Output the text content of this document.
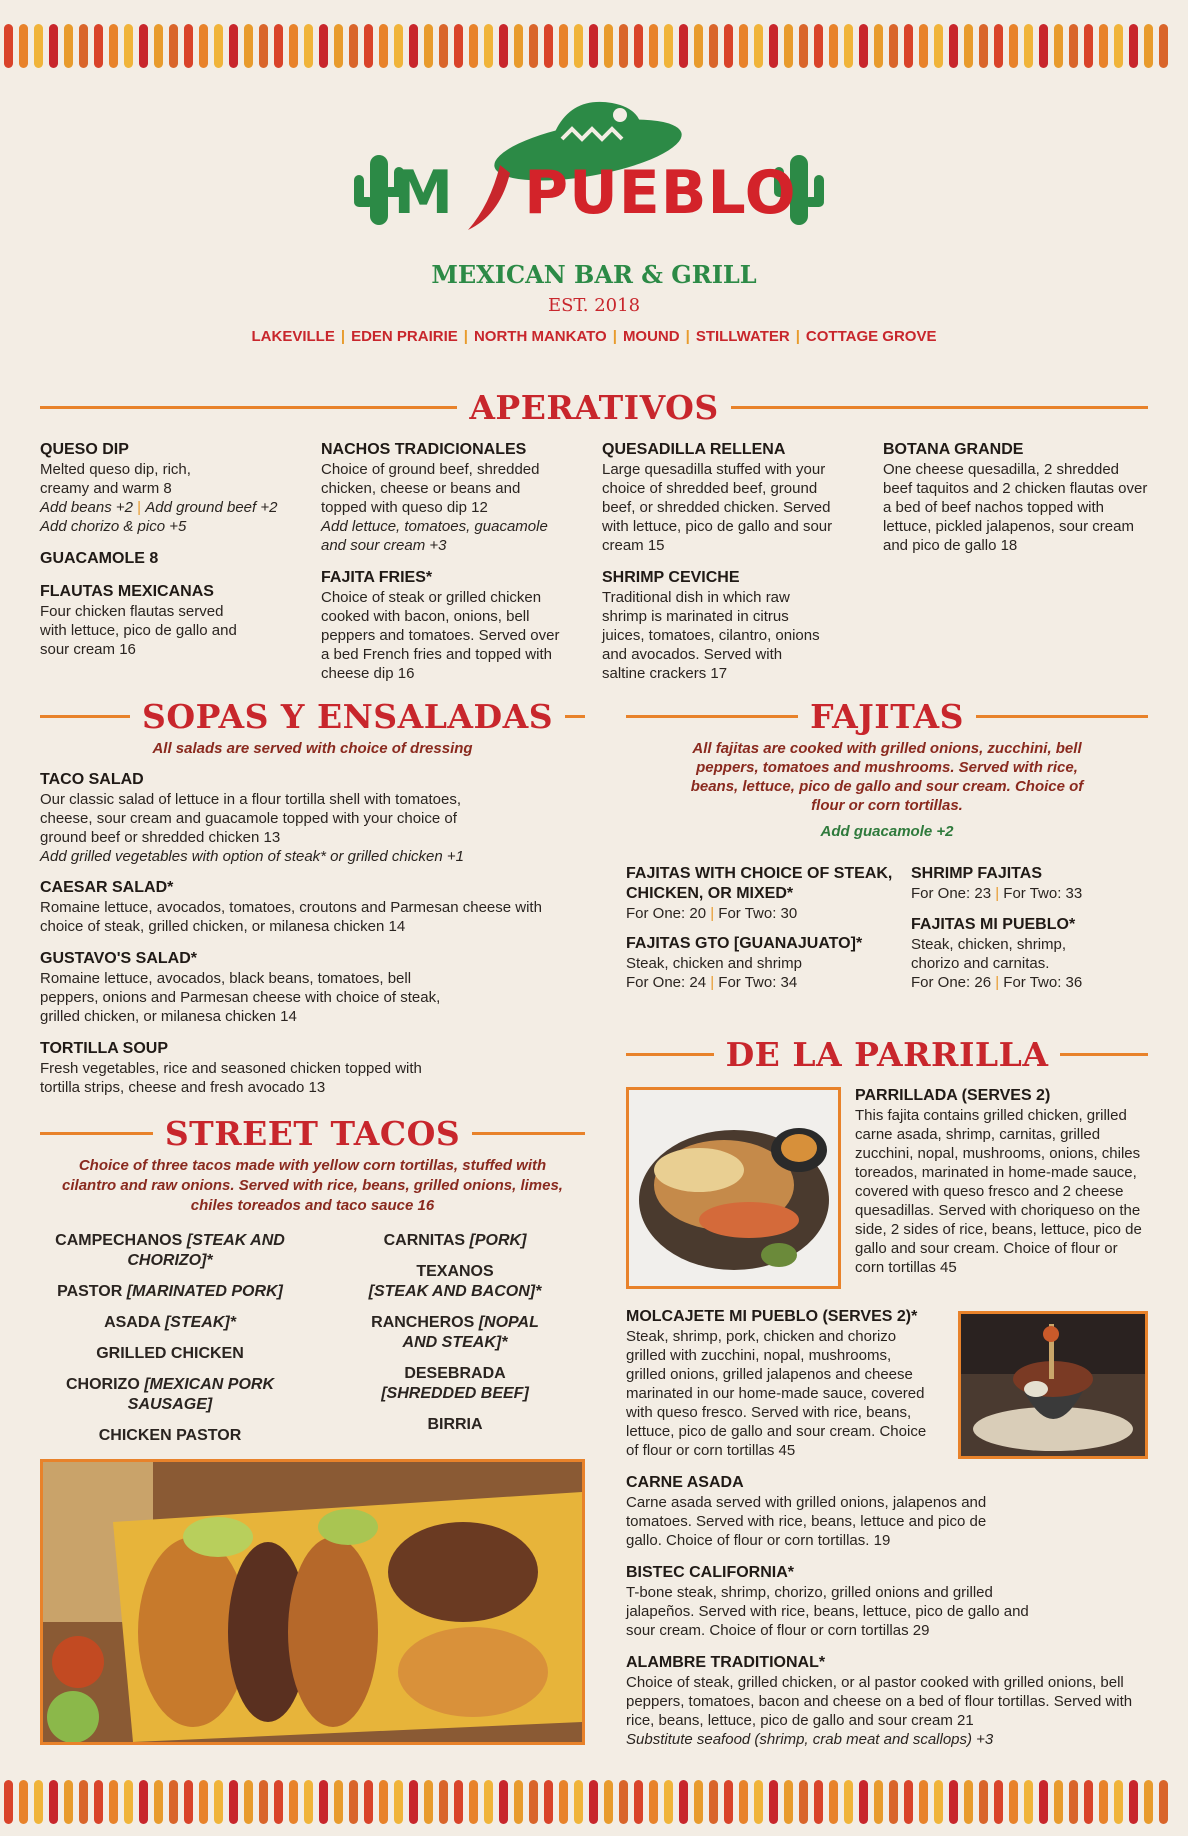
M PUEBLO
MEXICAN BAR & GRILL
EST. 2018
LAKEVILLE | EDEN PRAIRIE | NORTH MANKATO | MOUND | STILLWATER | COTTAGE GROVE
APERATIVOS
QUESO DIP

Melted queso dip, rich, creamy and warm 8

Add beans +2 | Add ground beef +2

Add chorizo & pico +5

GUACAMOLE 8
FLAUTAS MEXICANAS

Four chicken flautas served with lettuce, pico de gallo and sour cream 16

NACHOS TRADICIONALES

Choice of ground beef, shredded chicken, cheese or beans and topped with queso dip 12

Add lettuce, tomatoes, guacamole and sour cream +3

FAJITA FRIES*

Choice of steak or grilled chicken cooked with bacon, onions, bell peppers and tomatoes. Served over a bed French fries and topped with cheese dip 16

QUESADILLA RELLENA

Large quesadilla stuffed with your choice of shredded beef, ground beef, or shredded chicken. Served with lettuce, pico de gallo and sour cream 15

SHRIMP CEVICHE

Traditional dish in which raw shrimp is marinated in citrus juices, tomatoes, cilantro, onions and avocados. Served with saltine crackers 17

BOTANA GRANDE

One cheese quesadilla, 2 shredded beef taquitos and 2 chicken flautas over a bed of beef nachos topped with lettuce, pickled jalapenos, sour cream and pico de gallo 18

SOPAS Y ENSALADAS
All salads are served with choice of dressing
TACO SALAD

Our classic salad of lettuce in a flour tortilla shell with tomatoes, cheese, sour cream and guacamole topped with your choice of ground beef or shredded chicken 13

Add grilled vegetables with option of steak* or grilled chicken +1

CAESAR SALAD*

Romaine lettuce, avocados, tomatoes, croutons and Parmesan cheese with choice of steak, grilled chicken, or milanesa chicken 14

GUSTAVO'S SALAD*

Romaine lettuce, avocados, black beans, tomatoes, bell peppers, onions and Parmesan cheese with choice of steak, grilled chicken, or milanesa chicken 14

TORTILLA SOUP

Fresh vegetables, rice and seasoned chicken topped with tortilla strips, cheese and fresh avocado 13

STREET TACOS
Choice of three tacos made with yellow corn tortillas, stuffed with cilantro and raw onions. Served with rice, beans, grilled onions, limes, chiles toreados and taco sauce 16
CAMPECHANOS [STEAK AND CHORIZO]*
PASTOR [MARINATED PORK]
ASADA [STEAK]*
GRILLED CHICKEN
CHORIZO [MEXICAN PORK SAUSAGE]
CHICKEN PASTOR
CARNITAS [PORK]
TEXANOS
[STEAK AND BACON]*
RANCHEROS [NOPAL AND STEAK]*
DESEBRADA
[SHREDDED BEEF]
BIRRIA
FAJITAS
All fajitas are cooked with grilled onions, zucchini, bell peppers, tomatoes and mushrooms. Served with rice, beans, lettuce, pico de gallo and sour cream. Choice of flour or corn tortillas.
Add guacamole +2
FAJITAS WITH CHOICE OF STEAK, CHICKEN, OR MIXED*

For One: 20 | For Two: 30

FAJITAS GTO [GUANAJUATO]*

Steak, chicken and shrimp

For One: 24 | For Two: 34

SHRIMP FAJITAS

For One: 23 | For Two: 33

FAJITAS MI PUEBLO*

Steak, chicken, shrimp, chorizo and carnitas.

For One: 26 | For Two: 36

DE LA PARRILLA
PARRILLADA (SERVES 2)

This fajita contains grilled chicken, grilled carne asada, shrimp, carnitas, grilled zucchini, nopal, mushrooms, onions, chiles toreados, marinated in home-made sauce, covered with queso fresco and 2 cheese quesadillas. Served with choriqueso on the side, 2 sides of rice, beans, lettuce, pico de gallo and sour cream. Choice of flour or corn tortillas 45

MOLCAJETE MI PUEBLO (SERVES 2)*

Steak, shrimp, pork, chicken and chorizo grilled with zucchini, nopal, mushrooms, grilled onions, grilled jalapenos and cheese marinated in our home-made sauce, covered with queso fresco. Served with rice, beans, lettuce, pico de gallo and sour cream. Choice of flour or corn tortillas 45

CARNE ASADA

Carne asada served with grilled onions, jalapenos and tomatoes. Served with rice, beans, lettuce and pico de gallo. Choice of flour or corn tortillas. 19

BISTEC CALIFORNIA*

T-bone steak, shrimp, chorizo, grilled onions and grilled jalapeños. Served with rice, beans, lettuce, pico de gallo and sour cream. Choice of flour or corn tortillas 29

ALAMBRE TRADITIONAL*

Choice of steak, grilled chicken, or al pastor cooked with grilled onions, bell peppers, tomatoes, bacon and cheese on a bed of flour tortillas. Served with rice, beans, lettuce, pico de gallo and sour cream 21

Substitute seafood (shrimp, crab meat and scallops) +3
